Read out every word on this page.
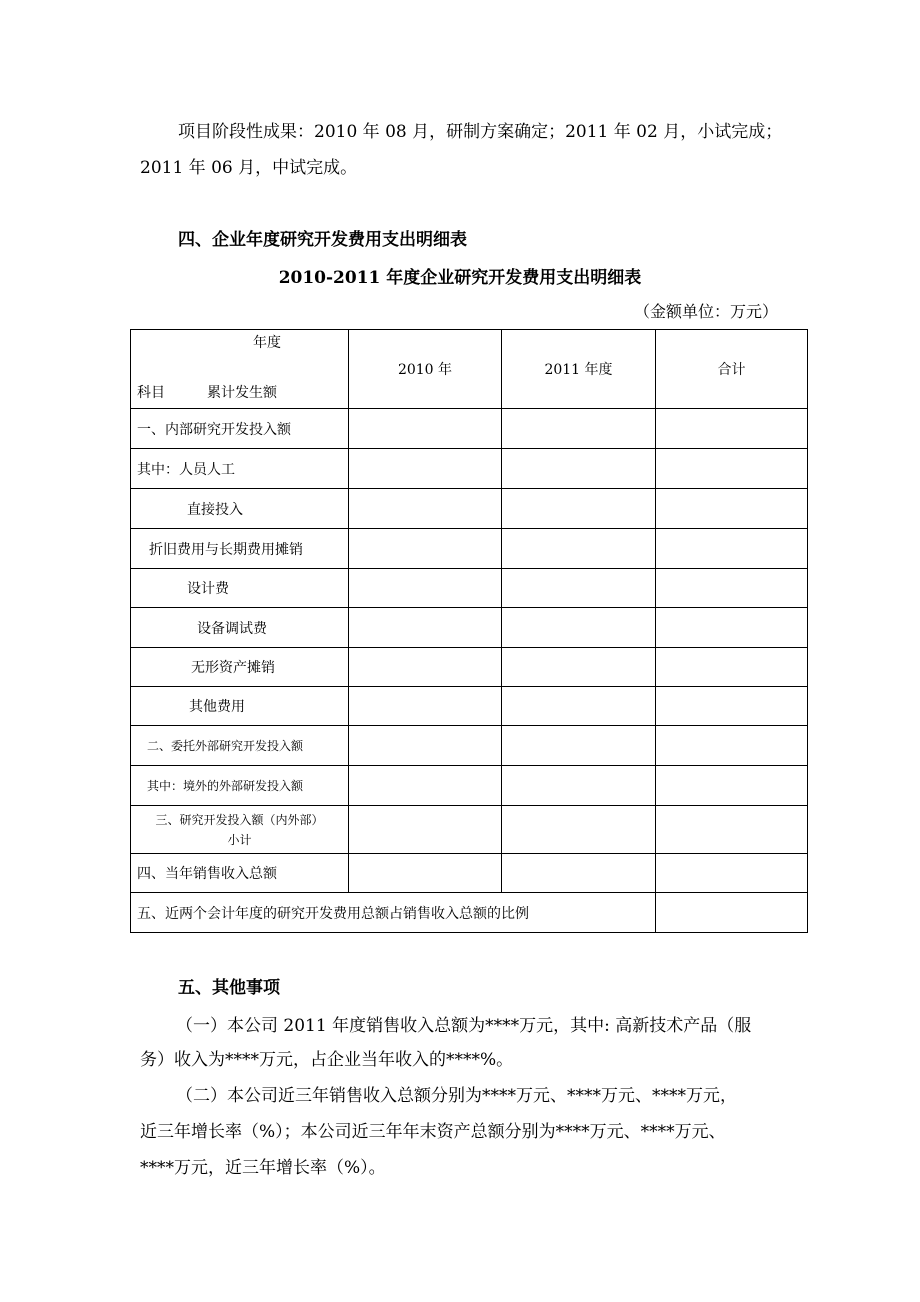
项目阶段性成果：2010 年 08 月，研制方案确定；2011 年 02 月，小试完成；
2011 年 06 月，中试完成。
四、企业年度研究开发费用支出明细表
2010-2011 年度企业研究开发费用支出明细表
（金额单位：万元）
年度
科目 累计发生额	2010 年	2011 年度	合计
一、内部研究开发投入额			
其中：人员人工			
直接投入			
折旧费用与长期费用摊销			
设计费			
设备调试费			
无形资产摊销			
其他费用			
二、委托外部研究开发投入额			
其中：境外的外部研发投入额			

三、研究开发投入额（内外部）
小计			

四、当年销售收入总额			
五、近两个会计年度的研究开发费用总额占销售收入总额的比例			
五、其他事项
（一）本公司 2011 年度销售收入总额为****万元，其中: 高新技术产品（服
务）收入为****万元，占企业当年收入的****%。
（二）本公司近三年销售收入总额分别为****万元、****万元、****万元，
近三年增长率（%）；本公司近三年年末资产总额分别为****万元、****万元、
****万元，近三年增长率（%）。
